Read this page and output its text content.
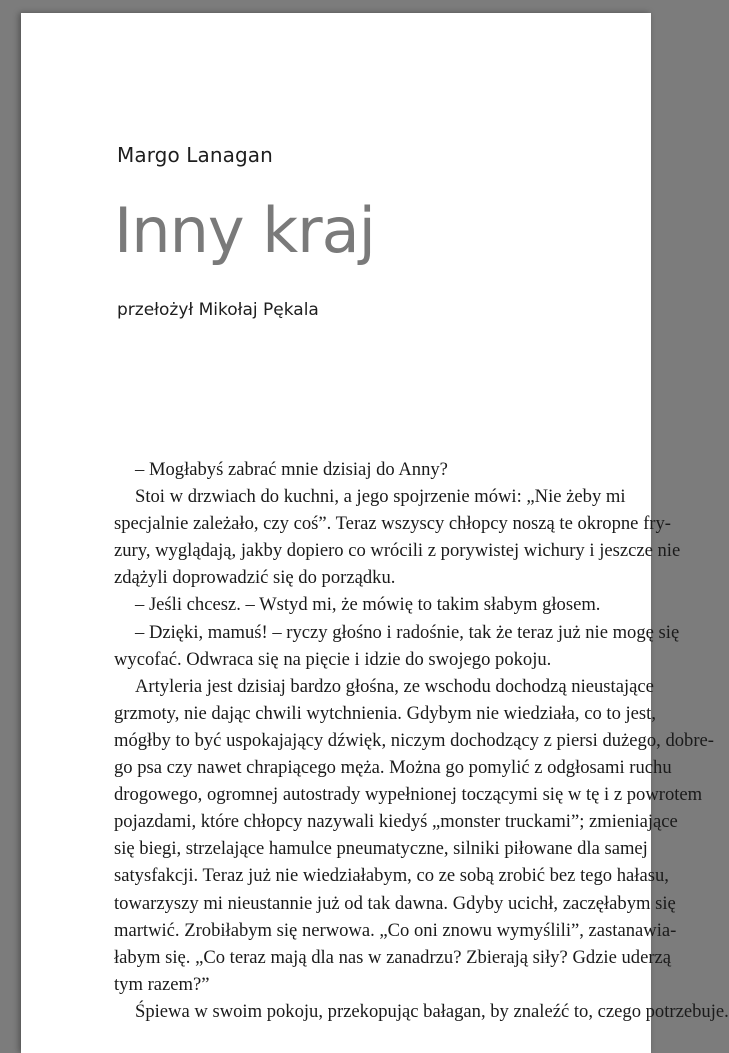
Margo Lanagan
Inny kraj
przełożył Mikołaj Pękala
– Mogłabyś zabrać mnie dzisiaj do Anny?
Stoi w drzwiach do kuchni, a jego spojrzenie mówi: „Nie żeby mi
specjalnie zależało, czy coś”. Teraz wszyscy chłopcy noszą te okropne fry-
zury, wyglądają, jakby dopiero co wrócili z porywistej wichury i jeszcze nie
zdążyli doprowadzić się do porządku.
– Jeśli chcesz. – Wstyd mi, że mówię to takim słabym głosem.
– Dzięki, mamuś! – ryczy głośno i radośnie, tak że teraz już nie mogę się
wycofać. Odwraca się na pięcie i idzie do swojego pokoju.
Artyleria jest dzisiaj bardzo głośna, ze wschodu dochodzą nieustające
grzmoty, nie dając chwili wytchnienia. Gdybym nie wiedziała, co to jest,
mógłby to być uspokajający dźwięk, niczym dochodzący z piersi dużego, dobre-
go psa czy nawet chrapiącego męża. Można go pomylić z odgłosami ruchu
drogowego, ogromnej autostrady wypełnionej toczącymi się w tę i z powrotem
pojazdami, które chłopcy nazywali kiedyś „monster truckami”; zmieniające
się biegi, strzelające hamulce pneumatyczne, silniki piłowane dla samej
satysfakcji. Teraz już nie wiedziałabym, co ze sobą zrobić bez tego hałasu,
towarzyszy mi nieustannie już od tak dawna. Gdyby ucichł, zaczęłabym się
martwić. Zrobiłabym się nerwowa. „Co oni znowu wymyślili”, zastanawia-
łabym się. „Co teraz mają dla nas w zanadrzu? Zbierają siły? Gdzie uderzą
tym razem?”
Śpiewa w swoim pokoju, przekopując bałagan, by znaleźć to, czego potrzebuje.
